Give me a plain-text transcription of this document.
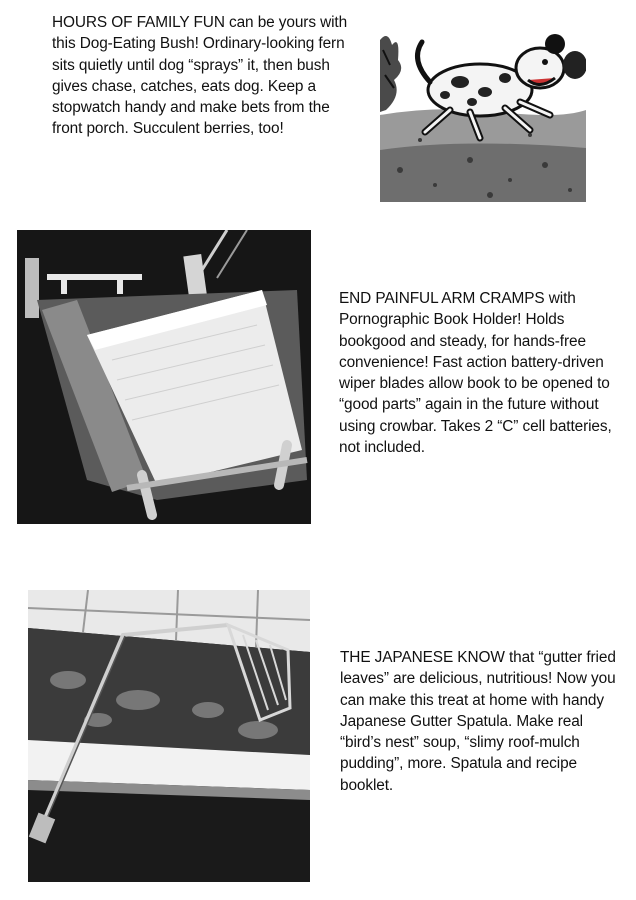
HOURS OF FAMILY FUN can be yours with this Dog-Eating Bush! Ordinary-looking fern sits quietly until dog “sprays” it, then bush gives chase, catches, eats dog. Keep a stopwatch handy and make bets from the front porch. Succulent berries, too!

END PAINFUL ARM CRAMPS with Pornographic Book Holder! Holds bookgood and steady, for hands-free convenience! Fast action battery-driven wiper blades allow book to be opened to “good parts” again in the future without using crowbar. Takes 2 “C” cell batteries, not included.

THE JAPANESE KNOW that “gutter fried leaves” are delicious, nutritious! Now you can make this treat at home with handy Japanese Gutter Spatula. Make real “bird’s nest” soup, “slimy roof-mulch pudding”, more. Spatula and recipe booklet.
